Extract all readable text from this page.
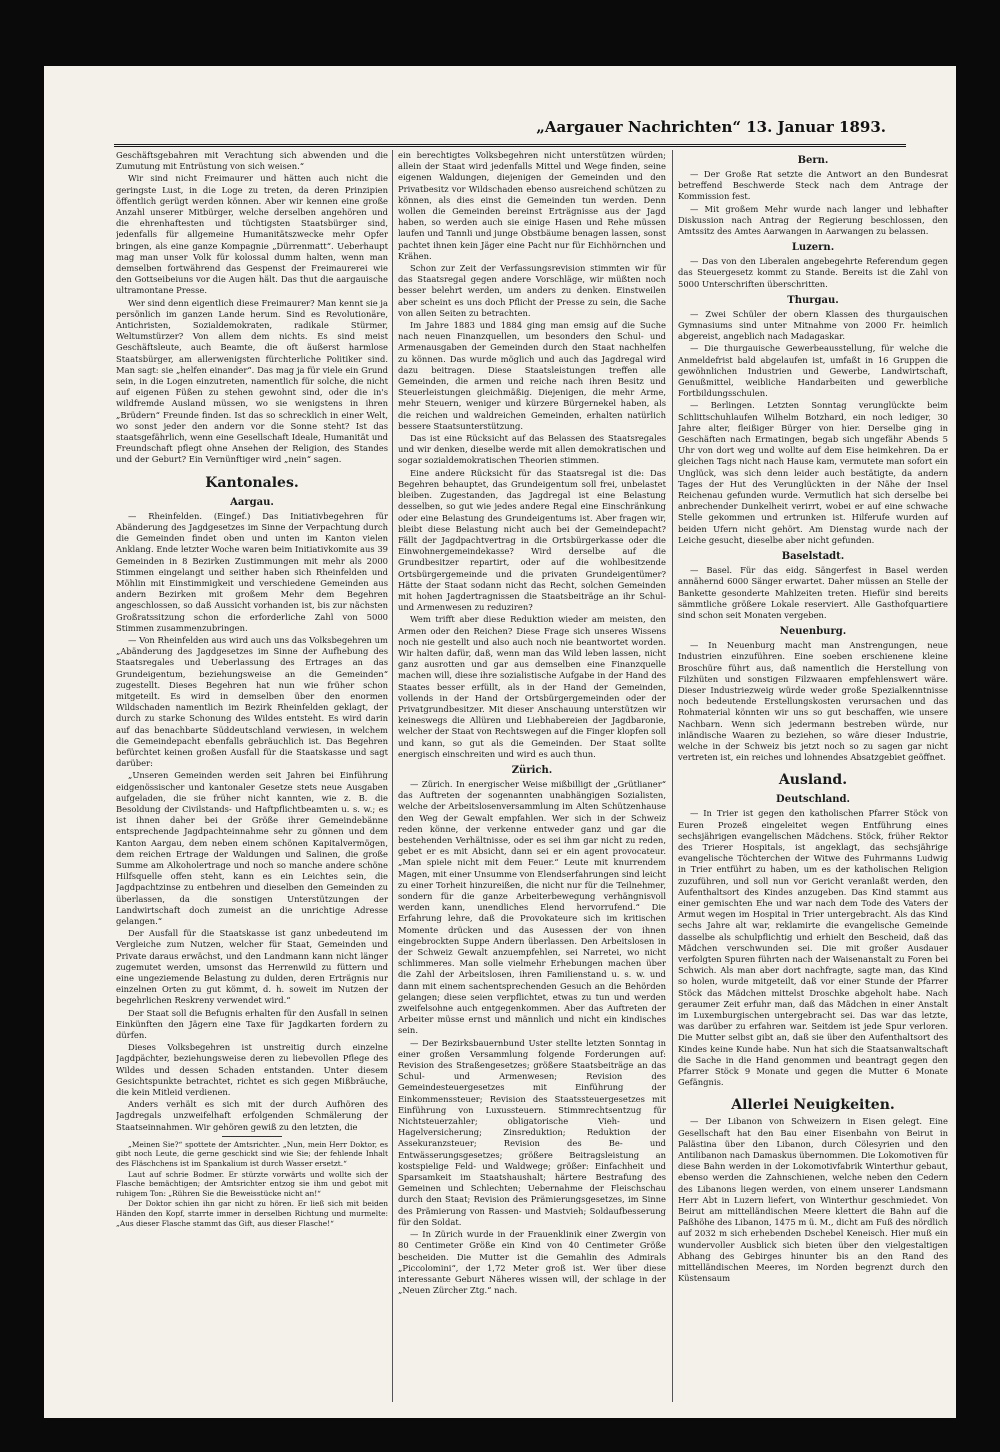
„Aargauer Nachrichten“ 13. Januar 1893.

Geschäftsgebahren mit Verachtung sich abwenden und die Zumutung mit Entrüstung von sich weisen.“

Wir sind nicht Freimaurer und hätten auch nicht die geringste Lust, in die Loge zu treten, da deren Prinzipien öffentlich gerügt werden können. Aber wir kennen eine große Anzahl unserer Mitbürger, welche derselben angehören und die ehrenhaftesten und tüchtigsten Staatsbürger sind, jedenfalls für allgemeine Humanitätszwecke mehr Opfer bringen, als eine ganze Kompagnie „Dürrenmatt“. Ueberhaupt mag man unser Volk für kolossal dumm halten, wenn man demselben fortwährend das Gespenst der Freimaurerei wie den Gottseibeiuns vor die Augen hält. Das thut die aargauische ultramontane Presse.

Wer sind denn eigentlich diese Freimaurer? Man kennt sie ja persönlich im ganzen Lande herum. Sind es Revolutionäre, Antichristen, Sozialdemokraten, radikale Stürmer, Weltumstürzer? Von allem dem nichts. Es sind meist Geschäftsleute, auch Beamte, die oft äußerst harmlose Staatsbürger, am allerwenigsten fürchterliche Politiker sind. Man sagt: sie „helfen einander“. Das mag ja für viele ein Grund sein, in die Logen einzutreten, namentlich für solche, die nicht auf eigenen Füßen zu stehen gewohnt sind, oder die in's wildfremde Ausland müssen, wo sie wenigstens in ihren „Brüdern“ Freunde finden. Ist das so schrecklich in einer Welt, wo sonst jeder den andern vor die Sonne steht? Ist das staatsgefährlich, wenn eine Gesellschaft Ideale, Humanität und Freundschaft pflegt ohne Ansehen der Religion, des Standes und der Geburt? Ein Vernünftiger wird „nein“ sagen.

Kantonales.
Aargau.

— Rheinfelden. (Eingef.) Das Initiativbegehren für Abänderung des Jagdgesetzes im Sinne der Verpachtung durch die Gemeinden findet oben und unten im Kanton vielen Anklang. Ende letzter Woche waren beim Initiativkomite aus 39 Gemeinden in 8 Bezirken Zustimmungen mit mehr als 2000 Stimmen eingelangt und seither haben sich Rheinfelden und Möhlin mit Einstimmigkeit und verschiedene Gemeinden aus andern Bezirken mit großem Mehr dem Begehren angeschlossen, so daß Aussicht vorhanden ist, bis zur nächsten Großratssitzung schon die erforderliche Zahl von 5000 Stimmen zusammenzubringen.

— Von Rheinfelden aus wird auch uns das Volksbegehren um „Abänderung des Jagdgesetzes im Sinne der Aufhebung des Staatsregales und Ueberlassung des Ertrages an das Grundeigentum, beziehungsweise an die Gemeinden“ zugestellt. Dieses Begehren hat nun wie früher schon mitgeteilt. Es wird in demselben über den enormen Wildschaden namentlich im Bezirk Rheinfelden geklagt, der durch zu starke Schonung des Wildes entsteht. Es wird darin auf das benachbarte Süddeutschland verwiesen, in welchem die Gemeindepacht ebenfalls gebräuchlich ist. Das Begehren befürchtet keinen großen Ausfall für die Staatskasse und sagt darüber:

„Unseren Gemeinden werden seit Jahren bei Einführung eidgenössischer und kantonaler Gesetze stets neue Ausgaben aufgeladen, die sie früher nicht kannten, wie z. B. die Besoldung der Civilstands- und Haftpflichtbeamten u. s. w.; es ist ihnen daher bei der Größe ihrer Gemeindebänne entsprechende Jagdpachteinnahme sehr zu gönnen und dem Kanton Aargau, dem neben einem schönen Kapitalvermögen, dem reichen Ertrage der Waldungen und Salinen, die große Summe am Alkoholertrage und noch so manche andere schöne Hilfsquelle offen steht, kann es ein Leichtes sein, die Jagdpachtzinse zu entbehren und dieselben den Gemeinden zu überlassen, da die sonstigen Unterstützungen der Landwirtschaft doch zumeist an die unrichtige Adresse gelangen.“

Der Ausfall für die Staatskasse ist ganz unbedeutend im Vergleiche zum Nutzen, welcher für Staat, Gemeinden und Private daraus erwächst, und den Landmann kann nicht länger zugemutet werden, umsonst das Herrenwild zu füttern und eine ungeziemende Belastung zu dulden, deren Erträgnis nur einzelnen Orten zu gut kömmt, d. h. soweit im Nutzen der begehrlichen Reskreny verwendet wird.“

Der Staat soll die Befugnis erhalten für den Ausfall in seinen Einkünften den Jägern eine Taxe für Jagdkarten fordern zu dürfen.

Dieses Volksbegehren ist unstreitig durch einzelne Jagdpächter, beziehungsweise deren zu liebevollen Pflege des Wildes und dessen Schaden entstanden. Unter diesem Gesichtspunkte betrachtet, richtet es sich gegen Mißbräuche, die kein Mitleid verdienen.

Anders verhält es sich mit der durch Aufhören des Jagdregals unzweifelhaft erfolgenden Schmälerung der Staatseinnahmen. Wir gehören gewiß zu den letzten, die

„Meinen Sie?“ spottete der Amtsrichter. „Nun, mein Herr Doktor, es gibt noch Leute, die gerne geschickt sind wie Sie; der fehlende Inhalt des Fläschchens ist im Spankalium ist durch Wasser ersetzt.“

Laut auf schrie Bodmer. Er stürzte vorwärts und wollte sich der Flasche bemächtigen; der Amtsrichter entzog sie ihm und gebot mit ruhigem Ton: „Rühren Sie die Beweisstücke nicht an!“

Der Doktor schien ihn gar nicht zu hören. Er ließ sich mit beiden Händen den Kopf, starrte immer in derselben Richtung und murmelte: „Aus dieser Flasche stammt das Gift, aus dieser Flasche!“

ein berechtigtes Volksbegehren nicht unterstützen würden; allein der Staat wird jedenfalls Mittel und Wege finden, seine eigenen Waldungen, diejenigen der Gemeinden und den Privatbesitz vor Wildschaden ebenso ausreichend schützen zu können, als dies einst die Gemeinden tun werden. Denn wollen die Gemeinden bereinst Erträgnisse aus der Jagd haben, so werden auch sie einige Hasen und Rehe müssen laufen und Tannli und junge Obstbäume benagen lassen, sonst pachtet ihnen kein Jäger eine Pacht nur für Eichhörnchen und Krähen.

Schon zur Zeit der Verfassungsrevision stimmten wir für das Staatsregal gegen andere Vorschläge, wir müßten noch besser belehrt werden, um anders zu denken. Einstweilen aber scheint es uns doch Pflicht der Presse zu sein, die Sache von allen Seiten zu betrachten.

Im Jahre 1883 und 1884 ging man emsig auf die Suche nach neuen Finanzquellen, um besonders den Schul- und Armenausgaben der Gemeinden durch den Staat nachhelfen zu können. Das wurde möglich und auch das Jagdregal wird dazu beitragen. Diese Staatsleistungen treffen alle Gemeinden, die armen und reiche nach ihren Besitz und Steuerleistungen gleichmäßig. Diejenigen, die mehr Arme, mehr Steuern, weniger und kürzere Bürgernekel haben, als die reichen und waldreichen Gemeinden, erhalten natürlich bessere Staatsunterstützung.

Das ist eine Rücksicht auf das Belassen des Staatsregales und wir denken, dieselbe werde mit allen demokratischen und sogar sozialdemokratischen Theorien stimmen.

Eine andere Rücksicht für das Staatsregal ist die: Das Begehren behauptet, das Grundeigentum soll frei, unbelastet bleiben. Zugestanden, das Jagdregal ist eine Belastung desselben, so gut wie jedes andere Regal eine Einschränkung oder eine Belastung des Grundeigentums ist. Aber fragen wir, bleibt diese Belastung nicht auch bei der Gemeindepacht? Fällt der Jagdpachtvertrag in die Ortsbürgerkasse oder die Einwohnergemeindekasse? Wird derselbe auf die Grundbesitzer repartirt, oder auf die wohlbesitzende Ortsbürgergemeinde und die privaten Grundeigentümer? Hätte der Staat sodann nicht das Recht, solchen Gemeinden mit hohen Jagdertragnissen die Staatsbeiträge an ihr Schul- und Armenwesen zu reduziren?

Wem trifft aber diese Reduktion wieder am meisten, den Armen oder den Reichen? Diese Frage sich unseres Wissens noch nie gestellt und also auch noch nie beantwortet worden. Wir halten dafür, daß, wenn man das Wild leben lassen, nicht ganz ausrotten und gar aus demselben eine Finanzquelle machen will, diese ihre sozialistische Aufgabe in der Hand des Staates besser erfüllt, als in der Hand der Gemeinden, vollends in der Hand der Ortsbürgergemeinden oder der Privatgrundbesitzer. Mit dieser Anschauung unterstützen wir keineswegs die Allüren und Liebhabereien der Jagdbaronie, welcher der Staat von Rechtswegen auf die Finger klopfen soll und kann, so gut als die Gemeinden. Der Staat sollte energisch einschreiten und wird es auch thun.

Zürich.

— Zürich. In energischer Weise mißbilligt der „Grütlianer“ das Auftreten der sogenannten unabhängigen Sozialisten, welche der Arbeitslosenversammlung im Alten Schützenhause den Weg der Gewalt empfahlen. Wer sich in der Schweiz reden könne, der verkenne entweder ganz und gar die bestehenden Verhältnisse, oder es sei ihm gar nicht zu reden, gebet er es mit Absicht, dann sei er ein agent provocateur. „Man spiele nicht mit dem Feuer.“ Leute mit knurrendem Magen, mit einer Unsumme von Elendserfahrungen sind leicht zu einer Torheit hinzureißen, die nicht nur für die Teilnehmer, sondern für die ganze Arbeiterbewegung verhängnisvoll werden kann, unendliches Elend hervorrufend.“ Die Erfahrung lehre, daß die Provokateure sich im kritischen Momente drücken und das Ausessen der von ihnen eingebrockten Suppe Andern überlassen. Den Arbeitslosen in der Schweiz Gewalt anzuempfehlen, sei Narretei, wo nicht schlimmeres. Man solle vielmehr Erhebungen machen über die Zahl der Arbeitslosen, ihren Familienstand u. s. w. und dann mit einem sachentsprechenden Gesuch an die Behörden gelangen; diese seien verpflichtet, etwas zu tun und werden zweifelsohne auch entgegenkommen. Aber das Auftreten der Arbeiter müsse ernst und männlich und nicht ein kindisches sein.

— Der Bezirksbauernbund Uster stellte letzten Sonntag in einer großen Versammlung folgende Forderungen auf: Revision des Straßengesetzes; größere Staatsbeiträge an das Schul- und Armenwesen; Revision des Gemeindesteuergesetzes mit Einführung der Einkommenssteuer; Revision des Staatssteuergesetzes mit Einführung von Luxussteuern. Stimmrechtsentzug für Nichtsteuerzahler; obligatorische Vieh- und Hagelversicherung; Zinsreduktion; Reduktion der Assekuranzsteuer; Revision des Be- und Entwässerungsgesetzes; größere Beitragsleistung an kostspielige Feld- und Waldwege; größer: Einfachheit und Sparsamkeit im Staatshaushalt; härtere Bestrafung des Gemeinen und Schlechten; Uebernahme der Fleischschau durch den Staat; Revision des Prämierungsgesetzes, im Sinne des Prämierung von Rassen- und Mastvieh; Soldaufbesserung für den Soldat.

— In Zürich wurde in der Frauenklinik einer Zwergin von 80 Centimeter Größe ein Kind von 40 Centimeter Größe bescheiden. Die Mutter ist die Gemahlin des Admirals „Piccolomini“, der 1,72 Meter groß ist. Wer über diese interessante Geburt Näheres wissen will, der schlage in der „Neuen Zürcher Ztg.“ nach.

Bern.

— Der Große Rat setzte die Antwort an den Bundesrat betreffend Beschwerde Steck nach dem Antrage der Kommission fest.

— Mit großem Mehr wurde nach langer und lebhafter Diskussion nach Antrag der Regierung beschlossen, den Amtssitz des Amtes Aarwangen in Aarwangen zu belassen.

Luzern.

— Das von den Liberalen angebegehrte Referendum gegen das Steuergesetz kommt zu Stande. Bereits ist die Zahl von 5000 Unterschriften überschritten.

Thurgau.

— Zwei Schüler der obern Klassen des thurgauischen Gymnasiums sind unter Mitnahme von 2000 Fr. heimlich abgereist, angeblich nach Madagaskar.

— Die thurgauische Gewerbeausstellung, für welche die Anmeldefrist bald abgelaufen ist, umfaßt in 16 Gruppen die gewöhnlichen Industrien und Gewerbe, Landwirtschaft, Genußmittel, weibliche Handarbeiten und gewerbliche Fortbildungsschulen.

— Berlingen. Letzten Sonntag verunglückte beim Schlittschuhlaufen Wilhelm Botzhard, ein noch lediger, 30 Jahre alter, fleißiger Bürger von hier. Derselbe ging in Geschäften nach Ermatingen, begab sich ungefähr Abends 5 Uhr von dort weg und wollte auf dem Eise heimkehren. Da er gleichen Tags nicht nach Hause kam, vermutete man sofort ein Unglück, was sich denn leider auch bestätigte, da andern Tages der Hut des Verunglückten in der Nähe der Insel Reichenau gefunden wurde. Vermutlich hat sich derselbe bei anbrechender Dunkelheit verirrt, wobei er auf eine schwache Stelle gekommen und ertrunken ist. Hilferufe wurden auf beiden Ufern nicht gehört. Am Dienstag wurde nach der Leiche gesucht, dieselbe aber nicht gefunden.

Baselstadt.

— Basel. Für das eidg. Sängerfest in Basel werden annähernd 6000 Sänger erwartet. Daher müssen an Stelle der Bankette gesonderte Mahlzeiten treten. Hiefür sind bereits sämmtliche größere Lokale reserviert. Alle Gasthofquartiere sind schon seit Monaten vergeben.

Neuenburg.

— In Neuenburg macht man Anstrengungen, neue Industrien einzuführen. Eine soeben erschienene kleine Broschüre führt aus, daß namentlich die Herstellung von Filzhüten und sonstigen Filzwaaren empfehlenswert wäre. Dieser Industriezweig würde weder große Spezialkenntnisse noch bedeutende Erstellungskosten verursachen und das Rohmaterial könnten wir uns so gut beschaffen, wie unsere Nachbarn. Wenn sich jedermann bestreben würde, nur inländische Waaren zu beziehen, so wäre dieser Industrie, welche in der Schweiz bis jetzt noch so zu sagen gar nicht vertreten ist, ein reiches und lohnendes Absatzgebiet geöffnet.

Ausland.
Deutschland.

— In Trier ist gegen den katholischen Pfarrer Stöck von Euren Prozeß eingeleitet wegen Entführung eines sechsjährigen evangelischen Mädchens. Stöck, früher Rektor des Trierer Hospitals, ist angeklagt, das sechsjährige evangelische Töchterchen der Witwe des Fuhrmanns Ludwig in Trier entführt zu haben, um es der katholischen Religion zuzuführen, und soll nun vor Gericht veranlaßt werden, den Aufenthaltsort des Kindes anzugeben. Das Kind stammt aus einer gemischten Ehe und war nach dem Tode des Vaters der Armut wegen im Hospital in Trier untergebracht. Als das Kind sechs Jahre alt war, reklamirte die evangelische Gemeinde dasselbe als schulpflichtig und erhielt den Bescheid, daß das Mädchen verschwunden sei. Die mit großer Ausdauer verfolgten Spuren führten nach der Waisenanstalt zu Foren bei Schwich. Als man aber dort nachfragte, sagte man, das Kind so holen, wurde mitgeteilt, daß vor einer Stunde der Pfarrer Stöck das Mädchen mittelst Droschke abgeholt habe. Nach geraumer Zeit erfuhr man, daß das Mädchen in einer Anstalt im Luxemburgischen untergebracht sei. Das war das letzte, was darüber zu erfahren war. Seitdem ist jede Spur verloren. Die Mutter selbst gibt an, daß sie über den Aufenthaltsort des Kindes keine Kunde habe. Nun hat sich die Staatsanwaltschaft die Sache in die Hand genommen und beantragt gegen den Pfarrer Stöck 9 Monate und gegen die Mutter 6 Monate Gefängnis.

Allerlei Neuigkeiten.

— Der Libanon von Schweizern in Eisen gelegt. Eine Gesellschaft hat den Bau einer Eisenbahn von Beirut in Palästina über den Libanon, durch Cölesyrien und den Antilibanon nach Damaskus übernommen. Die Lokomotiven für diese Bahn werden in der Lokomotivfabrik Winterthur gebaut, ebenso werden die Zahnschienen, welche neben den Cedern des Libanons liegen werden, von einem unserer Landsmann Herr Abt in Luzern liefert, von Winterthur geschmiedet. Von Beirut am mittelländischen Meere klettert die Bahn auf die Paßhöhe des Libanon, 1475 m ü. M., dicht am Fuß des nördlich auf 2032 m sich erhebenden Dschebel Keneisch. Hier muß ein wundervoller Ausblick sich bieten über den vielgestaltigen Abhang des Gebirges hinunter bis an den Rand des mittelländischen Meeres, im Norden begrenzt durch den Küstensaum
